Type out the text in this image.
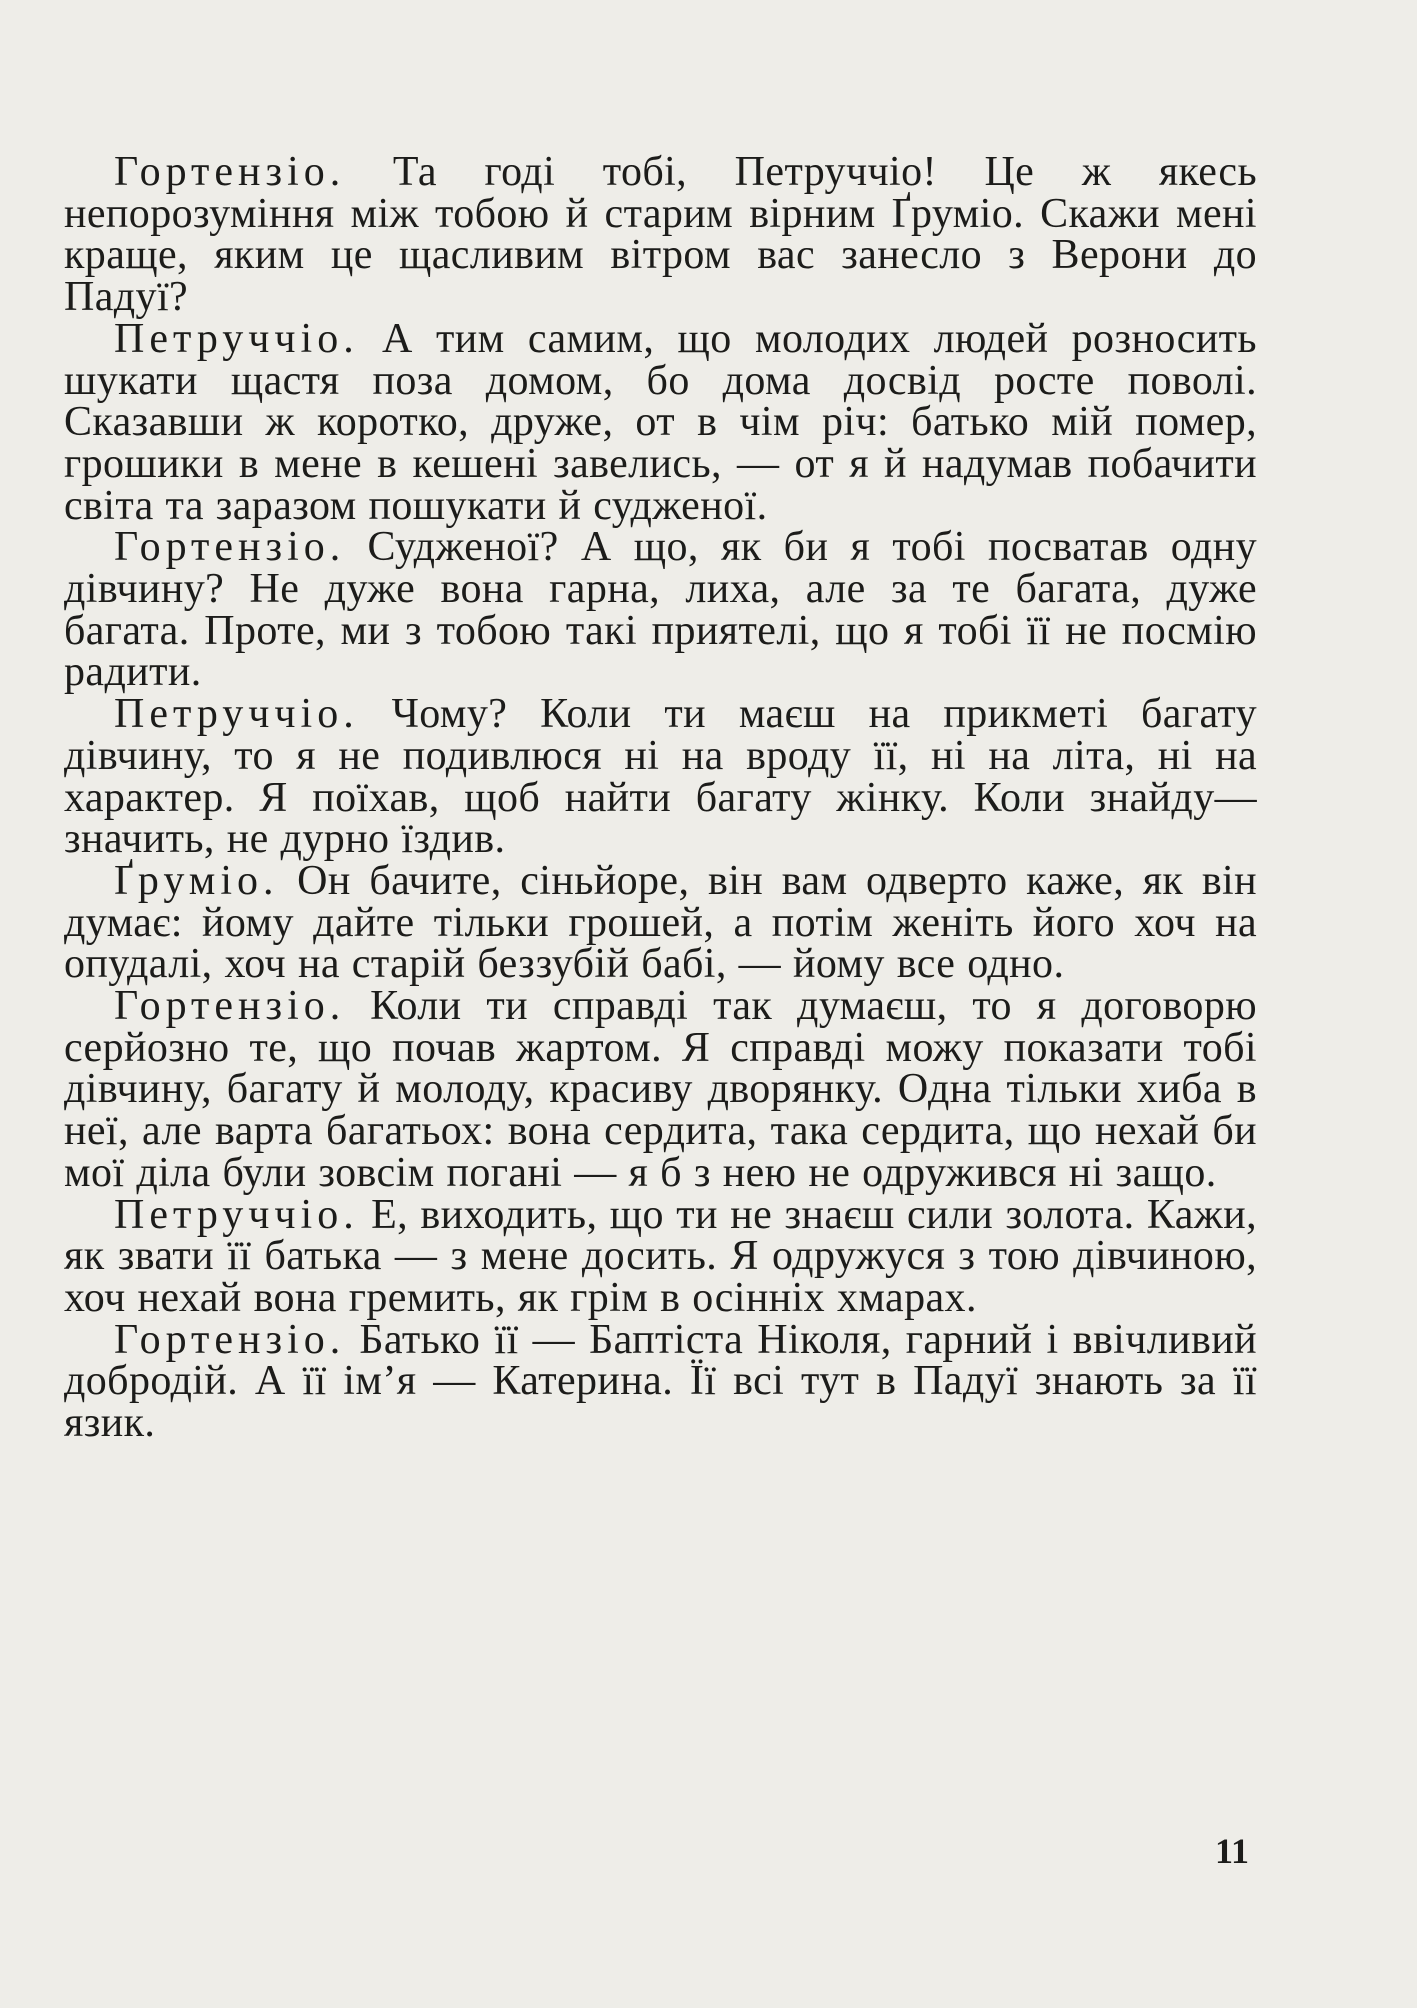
Гортензіо. Та годі тобі, Петруччіо! Це ж якесь непорозуміння між тобою й старим вірним Ґруміо. Скажи мені краще, яким це щасливим вітром вас занесло з Верони до Падуї?

Петруччіо. А тим самим, що молодих людей розносить шукати щастя поза домом, бо дома досвід росте поволі. Сказавши ж коротко, друже, от в чім річ: батько мій помер, грошики в мене в кешені завелись, — от я й надумав побачити світа та заразом пошукати й судженої.

Гортензіо. Судженої? А що, як би я тобі посватав одну дівчину? Не дуже вона гарна, лиха, але за те багата, дуже багата. Проте, ми з тобою такі приятелі, що я тобі її не посмію радити.

Петруччіо. Чому? Коли ти маєш на прикметі багату дівчину, то я не подивлюся ні на вроду її, ні на літа, ні на характер. Я поїхав, щоб найти багату жінку. Коли знайду—значить, не дурно їздив.

Ґруміо. Он бачите, сіньйоре, він вам одверто каже, як він думає: йому дайте тільки грошей, а потім женіть його хоч на опудалі, хоч на старій беззубій бабі, — йому все одно.

Гортензіо. Коли ти справді так думаєш, то я договорю серйозно те, що почав жартом. Я справді можу показати тобі дівчину, багату й молоду, красиву дворянку. Одна тільки хиба в неї, але варта багатьох: вона сердита, така сердита, що нехай би мої діла були зовсім погані — я б з нею не одружився ні защо.

Петруччіо. Е, виходить, що ти не знаєш сили золота. Кажи, як звати її батька — з мене досить. Я одружуся з тою дівчиною, хоч нехай вона гремить, як грім в осінніх хмарах.

Гортензіо. Батько її — Баптіста Ніколя, гарний і ввічливий добродій. А її ім’я — Катерина. Її всі тут в Падуї знають за її язик.

11
